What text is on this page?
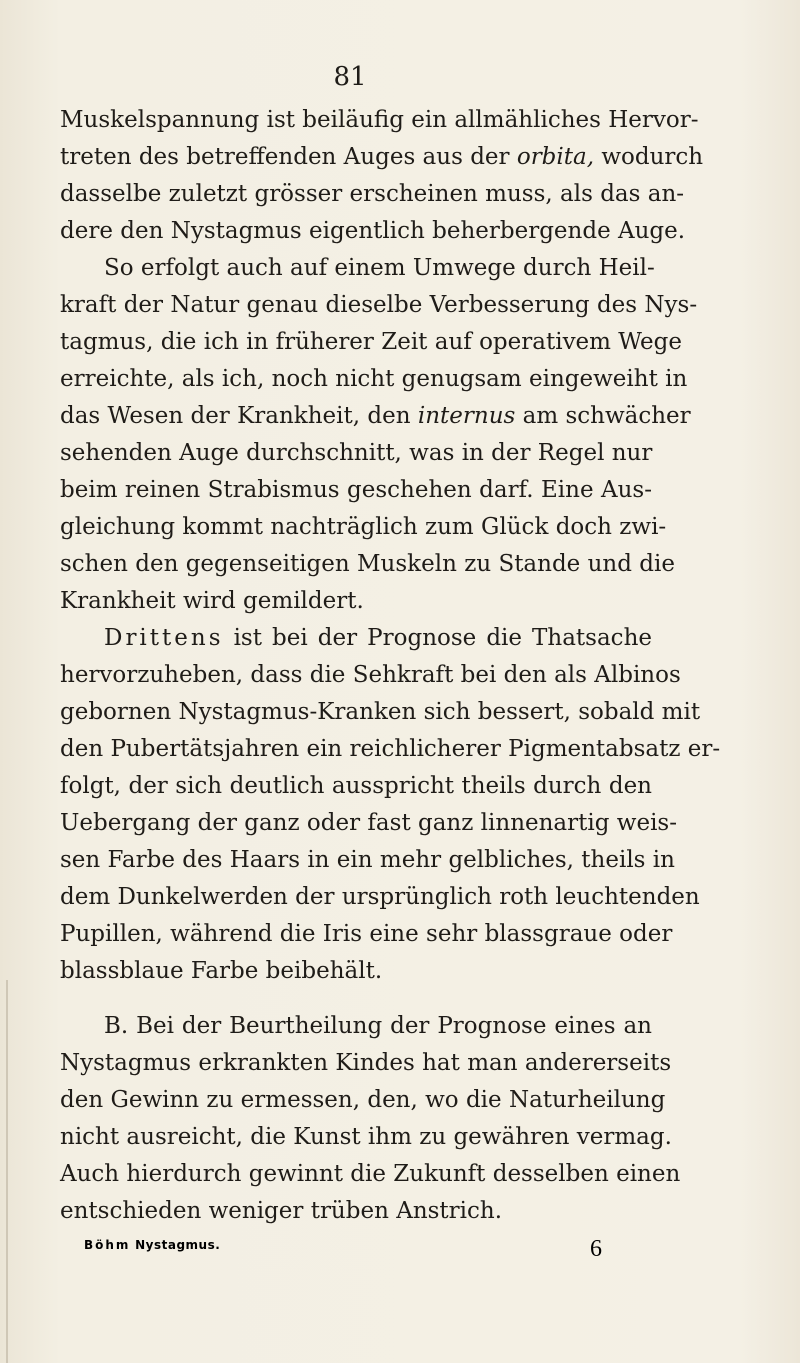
81
Muskelspannung ist beiläufig ein allmähliches Hervor-
treten des betreffenden Auges aus der orbita, wodurch
dasselbe zuletzt grösser erscheinen muss, als das an-
dere den Nystagmus eigentlich beherbergende Auge.
So erfolgt auch auf einem Umwege durch Heil-
kraft der Natur genau dieselbe Verbesserung des Nys-
tagmus, die ich in früherer Zeit auf operativem Wege
erreichte, als ich, noch nicht genugsam eingeweiht in
das Wesen der Krankheit, den internus am schwächer
sehenden Auge durchschnitt, was in der Regel nur
beim reinen Strabismus geschehen darf. Eine Aus-
gleichung kommt nachträglich zum Glück doch zwi-
schen den gegenseitigen Muskeln zu Stande und die
Krankheit wird gemildert.
Drittens ist bei der Prognose die Thatsache
hervorzuheben, dass die Sehkraft bei den als Albinos
gebornen Nystagmus-Kranken sich bessert, sobald mit
den Pubertätsjahren ein reichlicherer Pigmentabsatz er-
folgt, der sich deutlich ausspricht theils durch den
Uebergang der ganz oder fast ganz linnenartig weis-
sen Farbe des Haars in ein mehr gelbliches, theils in
dem Dunkelwerden der ursprünglich roth leuchtenden
Pupillen, während die Iris eine sehr blassgraue oder
blassblaue Farbe beibehält.
B. Bei der Beurtheilung der Prognose eines an
Nystagmus erkrankten Kindes hat man andererseits
den Gewinn zu ermessen, den, wo die Naturheilung
nicht ausreicht, die Kunst ihm zu gewähren vermag.
Auch hierdurch gewinnt die Zukunft desselben einen
entschieden weniger trüben Anstrich.
Böhm Nystagmus.	6
